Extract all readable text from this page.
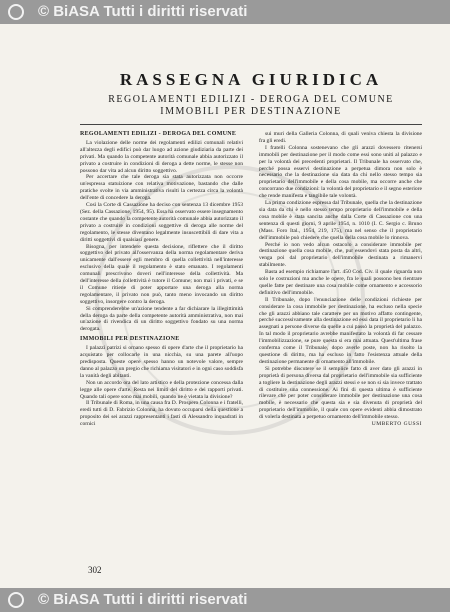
© BiASA Tutti i diritti riservati
RASSEGNA GIURIDICA
REGOLAMENTI EDILIZI - DEROGA DEL COMUNE
IMMOBILI PER DESTINAZIONE
REGOLAMENTI EDILIZI - DEROGA DEL COMUNE

La violazione delle norme dei regolamenti edilizi comunali relativi all'altezza degli edifici può dar luogo ad azione giudiziaria da parte dei privati. Ma quando la competente autorità comunale abbia autorizzato il privato a costruire in condizioni di deroga a dette norme, le stesse non possono dar vita ad alcun diritto soggettivo.

Per accertare che tale deroga sia stata autorizzata non occorre un'espressa statuizione con relativa motivazione, bastando che dalle pratiche svolte in via amministrativa risulti la certezza circa la volontà dell'ente di concedere la deroga.

Così la Corte di Cassazione ha deciso con sentenza 13 dicembre 1953 (Sez. della Cassazione, 1954, 95). Essa ha osservato essere insegnamento costante che quando la competente autorità comunale abbia autorizzato il privato a costruire in condizioni soggettive di deroga alle norme del regolamento, le stesse diventano legalmente insuscettibili di dare vita a diritti soggettivi di qualsiasi genere.

Bisogna, per intendere questa decisione, riflettere che il diritto soggettivo del privato all'osservanza della norma regolamentare deriva unicamente dall'essere egli membro di quella collettività nell'interesse esclusivo della quale il regolamento è stato emanato. I regolamenti comunali prescrivono doveri nell'interesse della collettività. Ma dell'interesse della collettività è tutore il Comune; non mai i privati, e se il Comune ritiene di poter apportare una deroga alla norma regolamentare, il privato non può, tanto meno invocando un diritto soggettivo, insorgere contro la deroga.

Si comprenderebbe un'azione tendente a far dichiarare la illegittimità della deroga da parte della competente autorità amministrativa, non mai un'azione di rivendica di un diritto soggettivo fondato su una norma derogata.

IMMOBILI PER DESTINAZIONE

I palazzi patrizi si ornano spesso di opere d'arte che il proprietario ha acquistato per collocarle in una nicchia, su una parete all'uopo predisposta. Queste opere spesso hanno un notevole valore, sempre danno al palazzo un pregio che richiama visitatori e in ogni caso soddisfa la vanità degli abitanti.

Non un accordo ora del lato artistico e della protezione concessa dalla legge alle opere d'arte. Resta nei limiti del diritto e dei rapporti privati. Quando tali opere sono mai mobili, quando ne è vietata la divisione?

Il Tribunale di Roma, in una causa fra D. Prospero Colonna e i fratelli, eredi tutti di D. Fabrizio Colonna, ha dovuto occuparsi della questione a proposito dei sei arazzi rappresentanti i fasti di Alessandro inquadrati in cornici

sui muri della Galleria Colonna, di quali veniva chiesta la divisione fra gli eredi.

I fratelli Colonna sostenevano che gli arazzi dovessero ritenersi immobili per destinazione per il modo come essi sono uniti al palazzo e per la volontà dei precedenti proprietari. Il Tribunale ha osservato che, perché possa esservi destinazione a perpetua dimora non solo è necessario che la destinazione sia data da chi nello stesso tempo sia proprietario dell'immobile e della cosa mobile, ma occorre anche che concorrano due condizioni: la volontà del proprietario e il segno esteriore che rende manifesta e tangibile tale volontà.

La prima condizione espressa dal Tribunale, quella che la destinazione sia data da chi è nello stesso tempo proprietario dell'immobile e della cosa mobile è stata sancita anche dalla Corte di Cassazione con una sentenza di questi giorni, 9 aprile 1954, n. 1010 (I. C. Sergio c. Bruno (Mass. Foro Ital., 1954, 219, 175), ma nel senso che il proprietario dell'immobile può chiedere che quella della cosa mobile lo rinnova.

Perché io non vedo alcun ostacolo a considerare immobile per destinazione quella cosa mobile, che, pur essendovi stata posta da altri, venga poi dal proprietario dell'immobile destinata a rimanervi stabilmente.

Basta ad esempio richiamare l'art. 450 Cod. Civ. il quale riguarda non solo le costruzioni ma anche le opere, fra le quali possono ben rientrare quelle fatte per destinare una cosa mobile come ornamento e accessorio definitivo dell'immobile.

Il Tribunale, dopo l'enunciazione delle condizioni richieste per considerare la cosa immobile per destinazione, ha escluso nella specie che gli arazzi abbiano tale carattere per un motivo affatto contingente, perché successivamente alla destinazione ed essi data il proprietario li ha assegnati a persone diverse da quelle a cui passò la proprietà del palazzo. In tal modo il proprietario avrebbe manifestato la volontà di far cessare l'immobilizzazione, se pure questa si era mai attuata. Quest'ultima frase conferma come il Tribunale, dopo averle poste, non ha risolto la questione di diritto, ma ha escluso in fatto l'esistenza attuale della destinazione permanente di ornamento all'immobile.

Si potrebbe discutere se il semplice fatto di aver dato gli arazzi in proprietà di persona diversa dal proprietario dell'immobile sia sufficiente a togliere la destinazione degli arazzi stessi e se non si sia invece trattato di costituire una connessione. Ai fini di questa ultima è sufficiente rilevare che per poter considerare immobile per destinazione una cosa mobile, è necessario che questa sia e sia divenuta di proprietà del proprietario dell'immobile, il quale con opere evidenti abbia dimostrato di volerla destinata a perpetuo ornamento dell'immobile stesso.

UMBERTO GUSSI
302
© BiASA Tutti i diritti riservati
